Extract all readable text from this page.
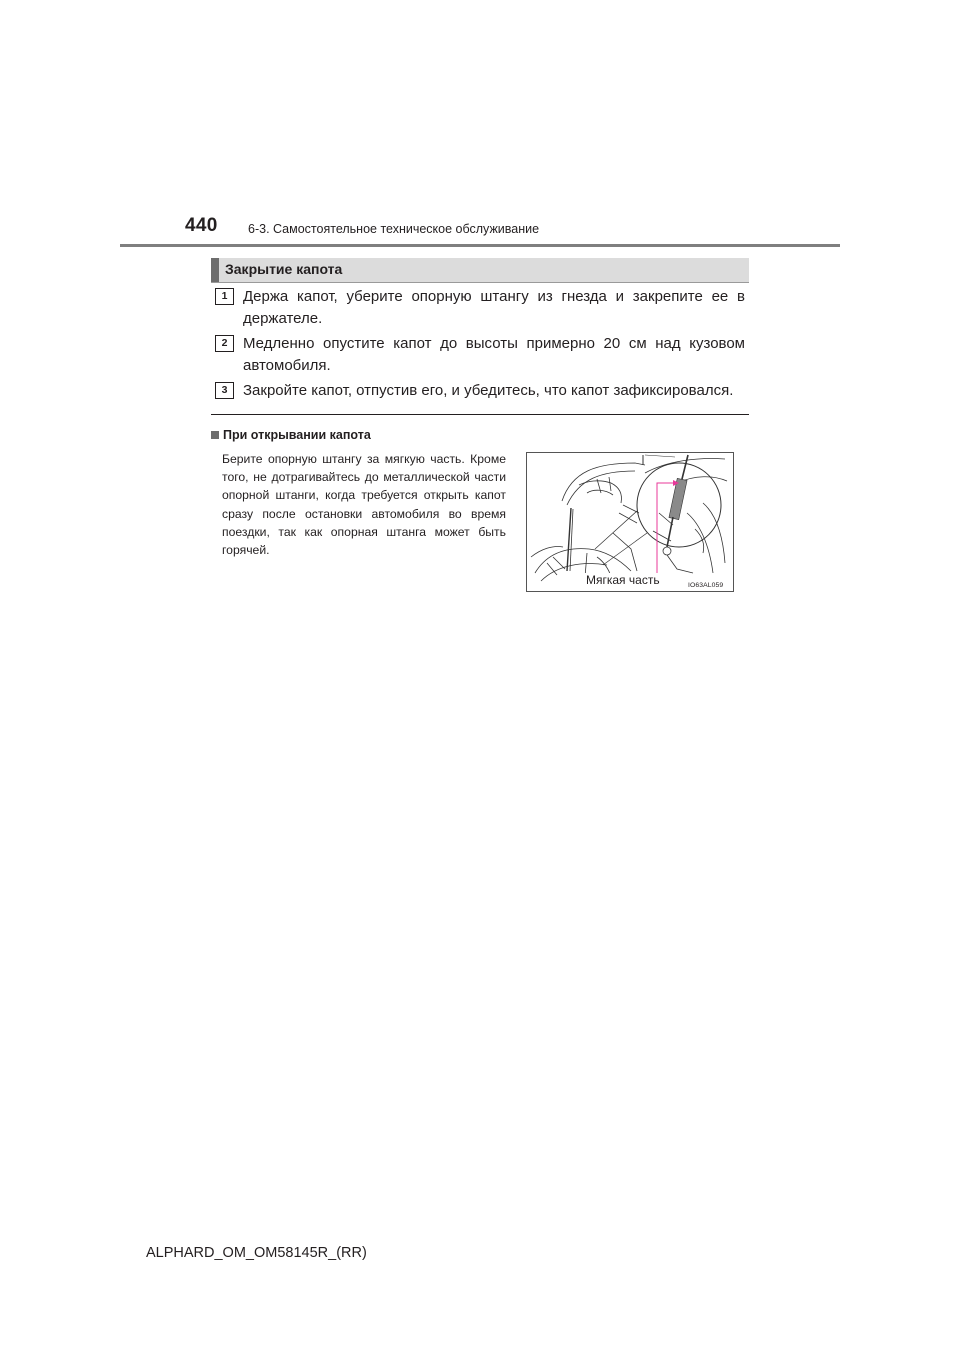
440 6-3. Самостоятельное техническое обслуживание
Закрытие капота
1	Держа капот, уберите опорную штангу из гнезда и закрепите ее в держателе.
2	Медленно опустите капот до высоты примерно 20 см над кузовом автомобиля.
3	Закройте капот, отпустив его, и убедитесь, что капот зафиксировался.
При открывании капота
Берите опорную штангу за мягкую часть. Кроме того, не дотрагивайтесь до металлической части опорной штанги, когда требуется открыть капот сразу после остановки автомобиля во время поездки, так как опорная штанга может быть горячей.
Мягкая часть	IO63AL059
ALPHARD_OM_OM58145R_(RR)
